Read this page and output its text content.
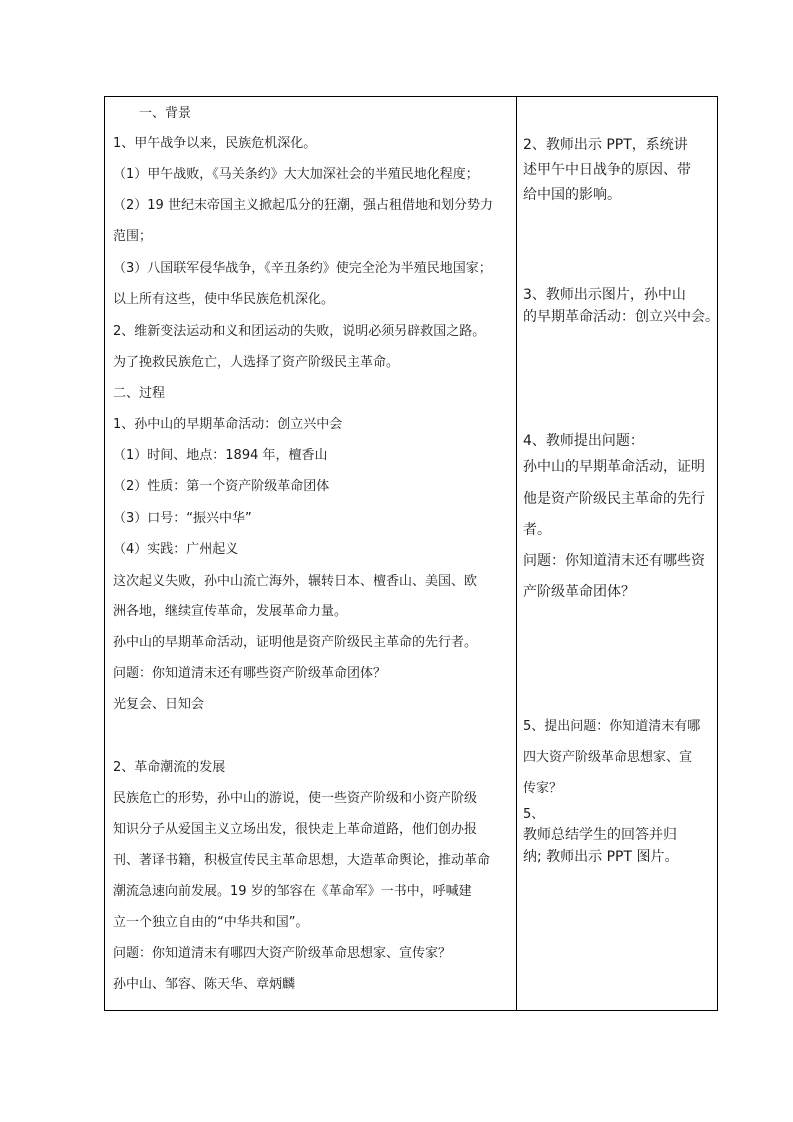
　　一、背景
1、甲午战争以来，民族危机深化。
（1）甲午战败，《马关条约》大大加深社会的半殖民地化程度；
（2）19 世纪末帝国主义掀起瓜分的狂潮，强占租借地和划分势力
范围；
（3）八国联军侵华战争，《辛丑条约》使完全沦为半殖民地国家；
以上所有这些，使中华民族危机深化。
2、维新变法运动和义和团运动的失败，说明必须另辟救国之路。
为了挽救民族危亡，人选择了资产阶级民主革命。
二、过程
1、孙中山的早期革命活动：创立兴中会
（1）时间、地点：1894 年，檀香山
（2）性质：第一个资产阶级革命团体
（3）口号：“振兴中华”
（4）实践：广州起义
这次起义失败，孙中山流亡海外，辗转日本、檀香山、美国、欧
洲各地，继续宣传革命，发展革命力量。
孙中山的早期革命活动，证明他是资产阶级民主革命的先行者。
问题：你知道清末还有哪些资产阶级革命团体？
光复会、日知会
2、革命潮流的发展
民族危亡的形势，孙中山的游说，使一些资产阶级和小资产阶级
知识分子从爱国主义立场出发，很快走上革命道路，他们创办报
刊、著译书籍，积极宣传民主革命思想，大造革命舆论，推动革命
潮流急速向前发展。19 岁的邹容在《革命军》一书中，呼喊建
立一个独立自由的“中华共和国”。
问题：你知道清末有哪四大资产阶级革命思想家、宣传家？
孙中山、邹容、陈天华、章炳麟
2、教师出示 PPT，系统讲
述甲午中日战争的原因、带
给中国的影响。
3、教师出示图片，孙中山
的早期革命活动：创立兴中会。
4、教师提出问题：
孙中山的早期革命活动，证明
他是资产阶级民主革命的先行
者。
问题：你知道清末还有哪些资
产阶级革命团体？
5、提出问题：你知道清末有哪
四大资产阶级革命思想家、宣
传家？
5、
教师总结学生的回答并归
纳; 教师出示 PPT 图片。
